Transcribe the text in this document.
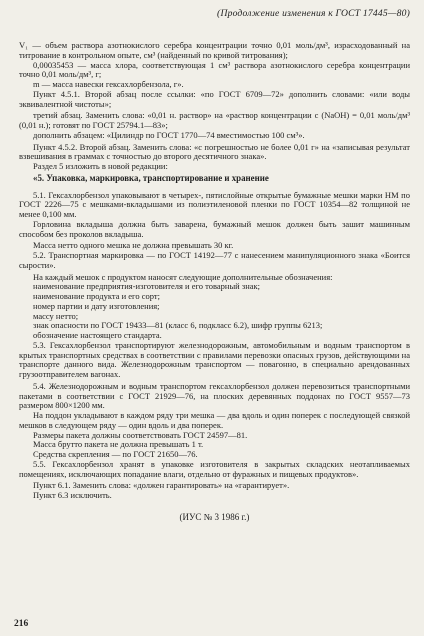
(Продолжение изменения к ГОСТ 17445—80)

V₁ — объем раствора азотнокислого серебра концентрации точно 0,01 моль/дм³, израсходованный на титрование в контрольном опыте, см³ (найденный по кривой титрования);

0,00035453 — масса хлора, соответствующая 1 см³ раствора азотнокислого серебра концентрации точно 0,01 моль/дм³, г;

m — масса навески гексахлорбензола, г».

Пункт 4.5.1. Второй абзац после ссылки: «по ГОСТ 6709—72» дополнить словами: «или воды эквивалентной чистоты»;

третий абзац. Заменить слова: «0,01 н. раствор» на «раствор концентрации с (NaOH) = 0,01 моль/дм³ (0,01 н.); готовят по ГОСТ 25794.1—83»;

дополнить абзацем: «Цилиндр по ГОСТ 1770—74 вместимостью 100 см³».

Пункт 4.5.2. Второй абзац. Заменить слова: «с погрешностью не более 0,01 г» на «записывая результат взвешивания в граммах с точностью до второго десятичного знака».

Раздел 5 изложить в новой редакции:

«5. Упаковка, маркировка, транспортирование и хранение

5.1. Гексахлорбензол упаковывают в четырех-, пятислойные открытые бумажные мешки марки НМ по ГОСТ 2226—75 с мешками-вкладышами из полиэтиленовой пленки по ГОСТ 10354—82 толщиной не менее 0,100 мм.

Горловина вкладыша должна быть заварена, бумажный мешок должен быть зашит машинным способом без проколов вкладыша.

Масса нетто одного мешка не должна превышать 30 кг.

5.2. Транспортная маркировка — по ГОСТ 14192—77 с нанесением манипуляционного знака «Боится сырости».

На каждый мешок с продуктом наносят следующие дополнительные обозначения:

наименование предприятия-изготовителя и его товарный знак;

наименование продукта и его сорт;

номер партии и дату изготовления;

массу нетто;

знак опасности по ГОСТ 19433—81 (класс 6, подкласс 6.2), шифр группы 6213;

обозначение настоящего стандарта.

5.3. Гексахлорбензол транспортируют железнодорожным, автомобильным и водным транспортом в крытых транспортных средствах в соответствии с правилами перевозки опасных грузов, действующими на транспорте данного вида. Железнодорожным транспортом — повагонно, в специально арендованных грузоотправителем вагонах.

5.4. Железнодорожным и водным транспортом гексахлорбензол должен перевозиться транспортными пакетами в соответствии с ГОСТ 21929—76, на плоских деревянных поддонах по ГОСТ 9557—73 размером 800×1200 мм.

На поддон укладывают в каждом ряду три мешка — два вдоль и один поперек с последующей связкой мешков в следующем ряду — один вдоль и два поперек.

Размеры пакета должны соответствовать ГОСТ 24597—81.

Масса брутто пакета не должна превышать 1 т.

Средства скрепления — по ГОСТ 21650—76.

5.5. Гексахлорбензол хранят в упаковке изготовителя в закрытых складских неотапливаемых помещениях, исключающих попадание влаги, отдельно от фуражных и пищевых продуктов».

Пункт 6.1. Заменить слова: «должен гарантировать» на «гарантирует».

Пункт 6.3 исключить.

(ИУС № 3 1986 г.)

216
